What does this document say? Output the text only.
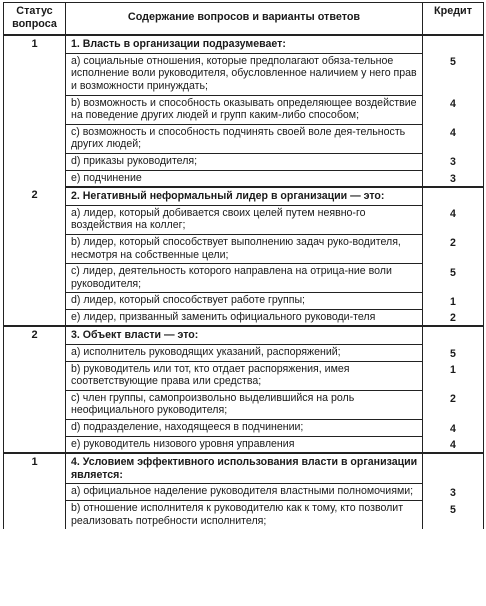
Статус вопроса	Содержание вопросов и варианты ответов	Кредит
1	1. Власть в организации подразумевает:	
	а) социальные отношения, которые предполагают обяза-тельное исполнение воли руководителя, обусловленное наличием у него прав и возможности принуждать;	5
	b) возможность и способность оказывать определяющее воздействие на поведение других людей и групп каким-либо способом;	4
	с) возможность и способность подчинять своей воле дея-тельность других людей;	4
	d) приказы руководителя;	3
	е) подчинение	3
2	2. Негативный неформальный лидер в организации — это:	
	а) лидер, который добивается своих целей путем неявно-го воздействия на коллег;	4
	b) лидер, который способствует выполнению задач руко-водителя, несмотря на собственные цели;	2
	с) лидер, деятельность которого направлена на отрица-ние воли руководителя;	5
	d) лидер, который способствует работе группы;	1
	е) лидер, призванный заменить официального руководи-теля	2
2	3. Объект власти — это:	
	а) исполнитель руководящих указаний, распоряжений;	5
	b) руководитель или тот, кто отдает распоряжения, имея соответствующие права или средства;	1
	с) член группы, самопроизвольно выделившийся на роль неофициального руководителя;	2
	d) подразделение, находящееся в подчинении;	4
	е) руководитель низового уровня управления	4
1	4. Условием эффективного использования власти в организации является:	
	а) официальное наделение руководителя властными полномочиями;	3
	b) отношение исполнителя к руководителю как к тому, кто позволит реализовать потребности исполнителя;	5
